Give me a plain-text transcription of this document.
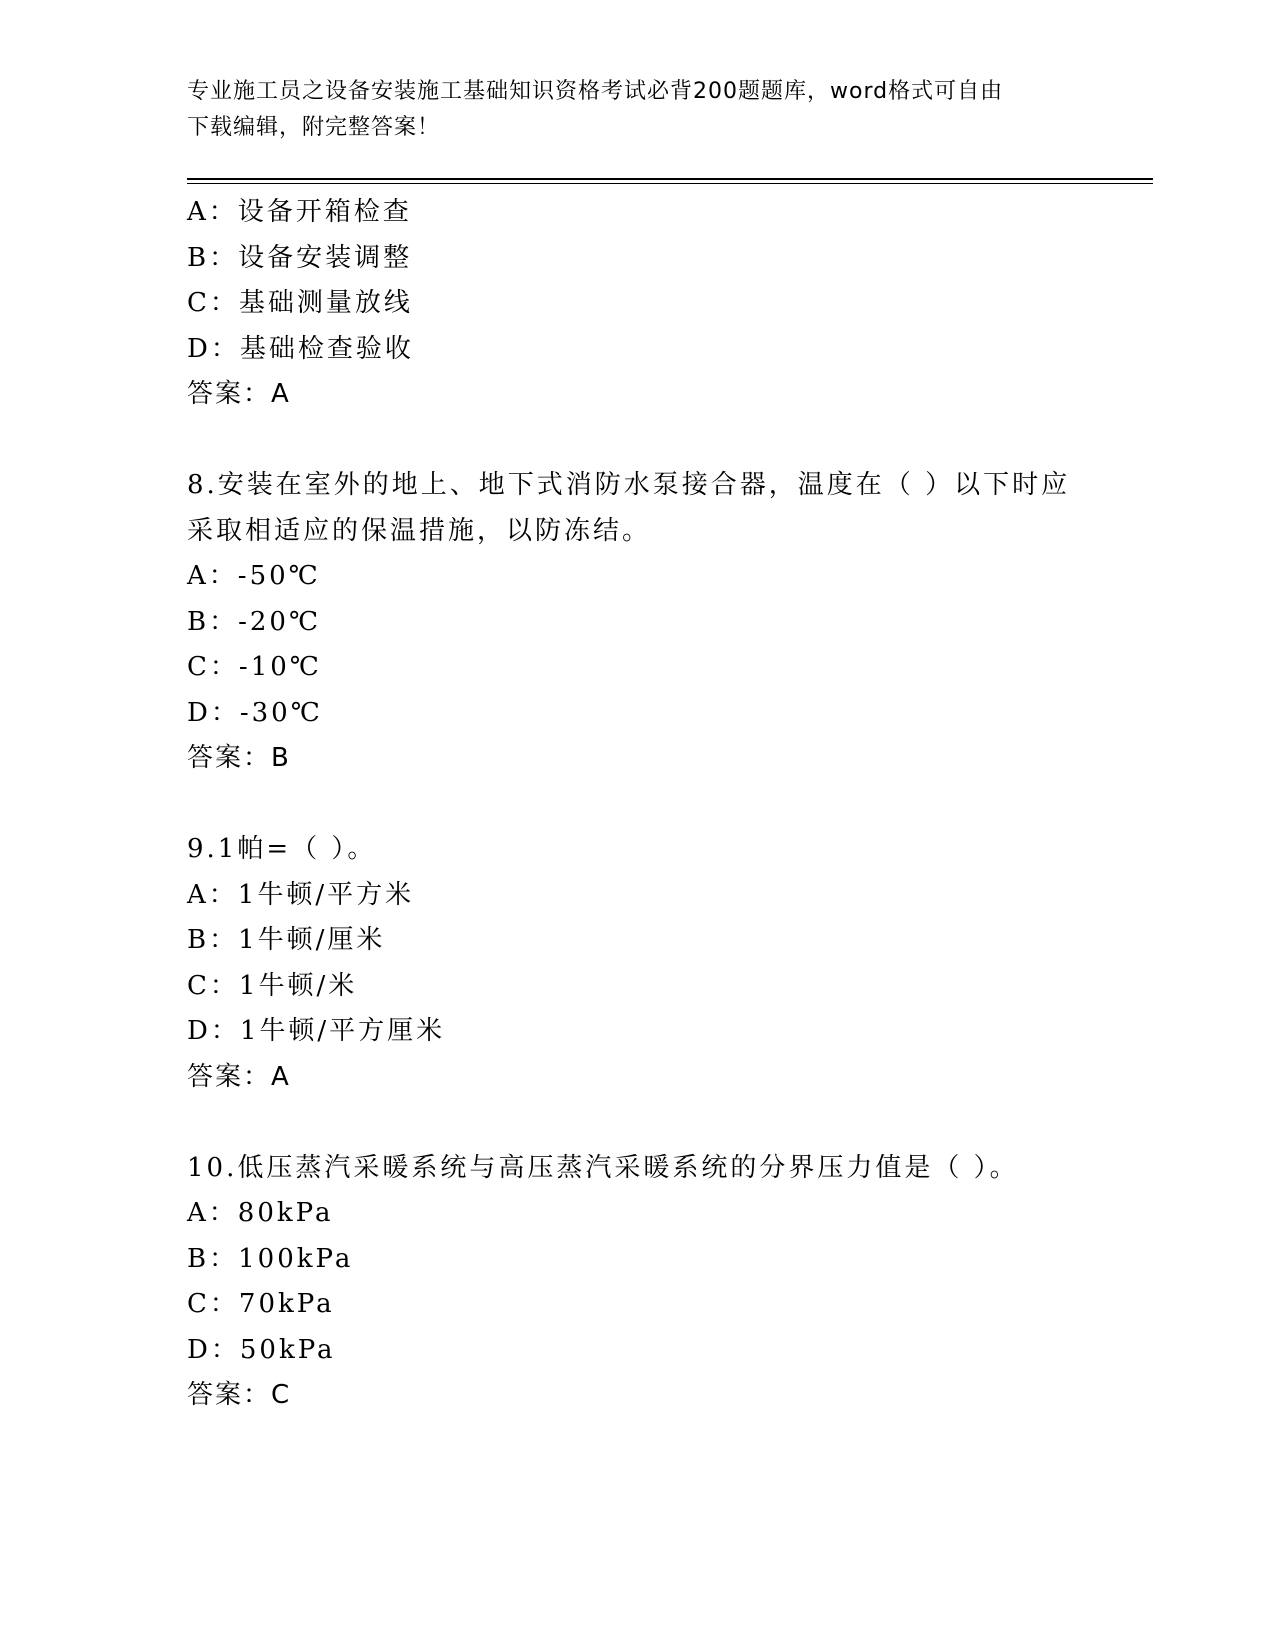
专业施工员之设备安装施工基础知识资格考试必背200题题库，word格式可自由
下载编辑，附完整答案！
A：设备开箱检查
B：设备安装调整
C：基础测量放线
D：基础检查验收
答案：A
8.安装在室外的地上、地下式消防水泵接合器，温度在（ ）以下时应
采取相适应的保温措施，以防冻结。
A：-50℃
B：-20℃
C：-10℃
D：-30℃
答案：B
9.1帕=（ ）。
A：1牛顿/平方米
B：1牛顿/厘米
C：1牛顿/米
D：1牛顿/平方厘米
答案：A
10.低压蒸汽采暖系统与高压蒸汽采暖系统的分界压力值是（ ）。
A：80kPa
B：100kPa
C：70kPa
D：50kPa
答案：C
